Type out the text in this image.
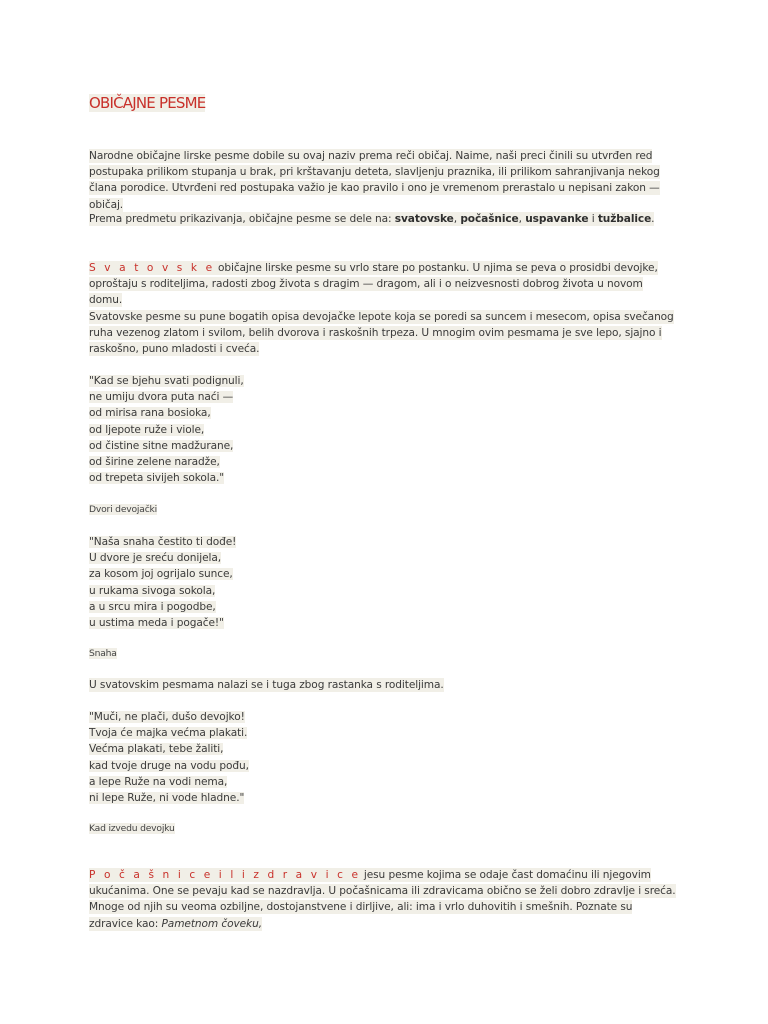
OBIČAJNE PESME

Narodne običajne lirske pesme dobile su ovaj naziv prema reči običaj. Naime, naši preci činili su utvrđen red postupaka prilikom stupanja u brak, pri krštavanju deteta, slavljenju praznika, ili prilikom sahranjivanja nekog člana porodice. Utvrđeni red postupaka važio je kao pravilo i ono je vremenom prerastalo u nepisani zakon — običaj.

Prema predmetu prikazivanja, običajne pesme se dele na: svatovske, počašnice, uspavanke i tužbalice.

S v a t o v s k e običajne lirske pesme su vrlo stare po postanku. U njima se peva o prosidbi devojke, oproštaju s roditeljima, radosti zbog života s dragim — dragom, ali i o neizvesnosti dobrog života u novom domu.

Svatovske pesme su pune bogatih opisa devojačke lepote koja se poredi sa suncem i mesecom, opisa svečanog ruha vezenog zlatom i svilom, belih dvorova i raskošnih trpeza. U mnogim ovim pesmama je sve lepo, sjajno i raskošno, puno mladosti i cveća.

"Kad se bjehu svati podignuli,
ne umiju dvora puta naći —
od mirisa rana bosioka,
od ljepote ruže i viole,
od čistine sitne madžurane,
od širine zelene naradže,
od trepeta sivijeh sokola."
Dvori devojački
"Naša snaha čestito ti dođe!
U dvore je sreću donijela,
za kosom joj ogrijalo sunce,
u rukama sivoga sokola,
a u srcu mira i pogodbe,
u ustima meda i pogače!"
Snaha

U svatovskim pesmama nalazi se i tuga zbog rastanka s roditeljima.

"Muči, ne plači, dušo devojko!
Tvoja će majka većma plakati.
Većma plakati, tebe žaliti,
kad tvoje druge na vodu pođu,
a lepe Ruže na vodi nema,
ni lepe Ruže, ni vode hladne."
Kad izvedu devojku

P o č a š n i c e i l i z d r a v i c e jesu pesme kojima se odaje čast domaćinu ili njegovim ukućanima. One se pevaju kad se nazdravlja. U počašnicama ili zdravicama obično se želi dobro zdravlje i sreća. Mnoge od njih su veoma ozbiljne, dostojanstvene i dirljive, ali: ima i vrlo duhovitih i smešnih. Poznate su zdravice kao: Pametnom čoveku,
